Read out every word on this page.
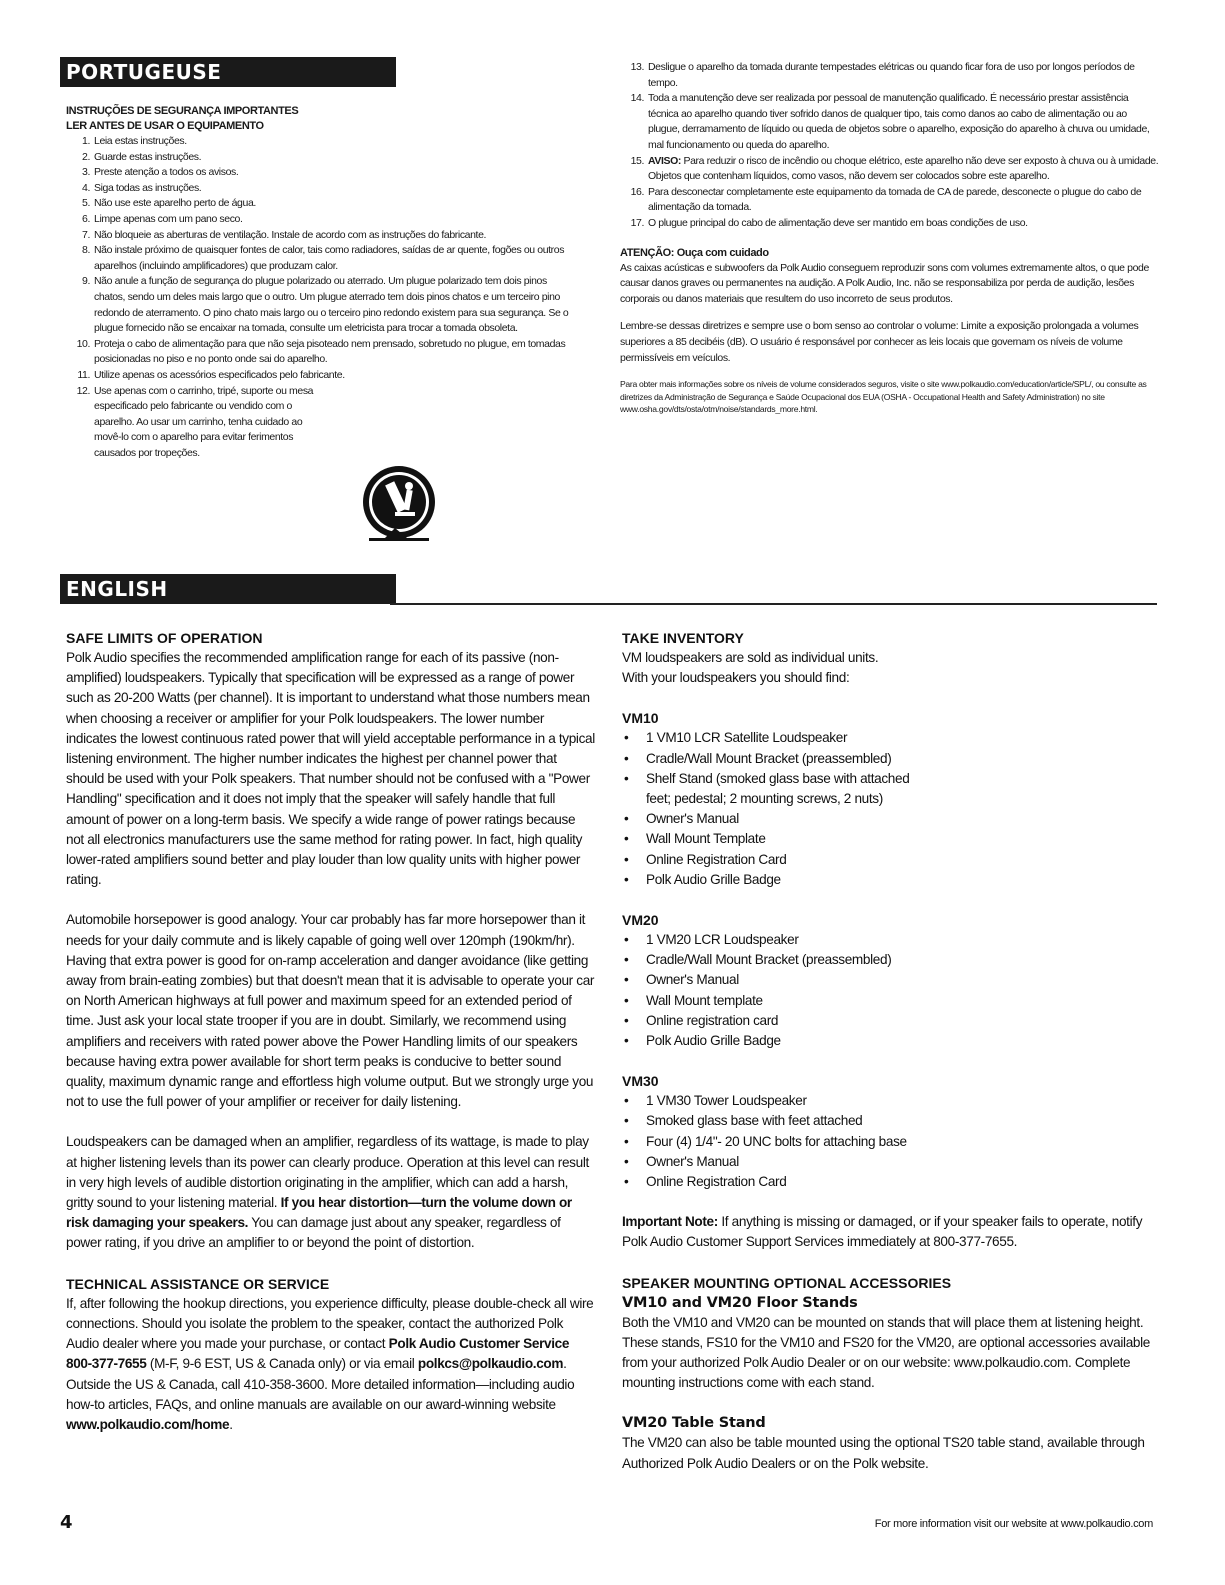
PORTUGEUSE
INSTRUÇÕES DE SEGURANÇA IMPORTANTES
LER ANTES DE USAR O EQUIPAMENTO
1. Leia estas instruções.
2. Guarde estas instruções.
3. Preste atenção a todos os avisos.
4. Siga todas as instruções.
5. Não use este aparelho perto de água.
6. Limpe apenas com um pano seco.
7. Não bloqueie as aberturas de ventilação. Instale de acordo com as instruções do fabricante.
8. Não instale próximo de quaisquer fontes de calor, tais como radiadores, saídas de ar quente, fogões ou outros aparelhos (incluindo amplificadores) que produzam calor.
9. Não anule a função de segurança do plugue polarizado ou aterrado. Um plugue polarizado tem dois pinos chatos, sendo um deles mais largo que o outro. Um plugue aterrado tem dois pinos chatos e um terceiro pino redondo de aterramento. O pino chato mais largo ou o terceiro pino redondo existem para sua segurança. Se o plugue fornecido não se encaixar na tomada, consulte um eletricista para trocar a tomada obsoleta.
10. Proteja o cabo de alimentação para que não seja pisoteado nem prensado, sobretudo no plugue, em tomadas posicionadas no piso e no ponto onde sai do aparelho.
11. Utilize apenas os acessórios especificados pelo fabricante.
12. Use apenas com o carrinho, tripé, suporte ou mesa especificado pelo fabricante ou vendido com o aparelho. Ao usar um carrinho, tenha cuidado ao movê-lo com o aparelho para evitar ferimentos causados por tropeções.
13. Desligue o aparelho da tomada durante tempestades elétricas ou quando ficar fora de uso por longos períodos de tempo.
14. Toda a manutenção deve ser realizada por pessoal de manutenção qualificado. É necessário prestar assistência técnica ao aparelho quando tiver sofrido danos de qualquer tipo, tais como danos ao cabo de alimentação ou ao plugue, derramamento de líquido ou queda de objetos sobre o aparelho, exposição do aparelho à chuva ou umidade, mal funcionamento ou queda do aparelho.
15. AVISO: Para reduzir o risco de incêndio ou choque elétrico, este aparelho não deve ser exposto à chuva ou à umidade. Objetos que contenham líquidos, como vasos, não devem ser colocados sobre este aparelho.
16. Para desconectar completamente este equipamento da tomada de CA de parede, desconecte o plugue do cabo de alimentação da tomada.
17. O plugue principal do cabo de alimentação deve ser mantido em boas condições de uso.
ATENÇÃO: Ouça com cuidado

As caixas acústicas e subwoofers da Polk Audio conseguem reproduzir sons com volumes extremamente altos, o que pode causar danos graves ou permanentes na audição. A Polk Audio, Inc. não se responsabiliza por perda de audição, lesões corporais ou danos materiais que resultem do uso incorreto de seus produtos.

Lembre-se dessas diretrizes e sempre use o bom senso ao controlar o volume: Limite a exposição prolongada a volumes superiores a 85 decibéis (dB). O usuário é responsável por conhecer as leis locais que governam os níveis de volume permissíveis em veículos.

Para obter mais informações sobre os níveis de volume considerados seguros, visite o site www.polkaudio.com/education/article/SPL/, ou consulte as diretrizes da Administração de Segurança e Saúde Ocupacional dos EUA (OSHA - Occupational Health and Safety Administration) no site www.osha.gov/dts/osta/otm/noise/standards_more.html.

ENGLISH
SAFE LIMITS OF OPERATION

Polk Audio specifies the recommended amplification range for each of its passive (non-amplified) loudspeakers. Typically that specification will be expressed as a range of power such as 20-200 Watts (per channel). It is important to understand what those numbers mean when choosing a receiver or amplifier for your Polk loudspeakers. The lower number indicates the lowest continuous rated power that will yield acceptable performance in a typical listening environment. The higher number indicates the highest per channel power that should be used with your Polk speakers. That number should not be confused with a "Power Handling" specification and it does not imply that the speaker will safely handle that full amount of power on a long-term basis. We specify a wide range of power ratings because not all electronics manufacturers use the same method for rating power. In fact, high quality lower-rated amplifiers sound better and play louder than low quality units with higher power rating.

Automobile horsepower is good analogy. Your car probably has far more horsepower than it needs for your daily commute and is likely capable of going well over 120mph (190km/hr). Having that extra power is good for on-ramp acceleration and danger avoidance (like getting away from brain-eating zombies) but that doesn't mean that it is advisable to operate your car on North American highways at full power and maximum speed for an extended period of time. Just ask your local state trooper if you are in doubt. Similarly, we recommend using amplifiers and receivers with rated power above the Power Handling limits of our speakers because having extra power available for short term peaks is conducive to better sound quality, maximum dynamic range and effortless high volume output. But we strongly urge you not to use the full power of your amplifier or receiver for daily listening.

Loudspeakers can be damaged when an amplifier, regardless of its wattage, is made to play at higher listening levels than its power can clearly produce. Operation at this level can result in very high levels of audible distortion originating in the amplifier, which can add a harsh, gritty sound to your listening material. If you hear distortion—turn the volume down or risk damaging your speakers. You can damage just about any speaker, regardless of power rating, if you drive an amplifier to or beyond the point of distortion.

TECHNICAL ASSISTANCE OR SERVICE

If, after following the hookup directions, you experience difficulty, please double-check all wire connections. Should you isolate the problem to the speaker, contact the authorized Polk Audio dealer where you made your purchase, or contact Polk Audio Customer Service 800-377-7655 (M-F, 9-6 EST, US & Canada only) or via email polkcs@polkaudio.com. Outside the US & Canada, call 410-358-3600. More detailed information—including audio how-to articles, FAQs, and online manuals are available on our award-winning website www.polkaudio.com/home.

TAKE INVENTORY

VM loudspeakers are sold as individual units.

With your loudspeakers you should find:

VM10
• 1 VM10 LCR Satellite Loudspeaker
• Cradle/Wall Mount Bracket (preassembled)
• Shelf Stand (smoked glass base with attached feet; pedestal; 2 mounting screws, 2 nuts)
• Owner's Manual
• Wall Mount Template
• Online Registration Card
• Polk Audio Grille Badge
VM20
• 1 VM20 LCR Loudspeaker
• Cradle/Wall Mount Bracket (preassembled)
• Owner's Manual
• Wall Mount template
• Online registration card
• Polk Audio Grille Badge
VM30
• 1 VM30 Tower Loudspeaker
• Smoked glass base with feet attached
• Four (4) 1/4"- 20 UNC bolts for attaching base
• Owner's Manual
• Online Registration Card

Important Note: If anything is missing or damaged, or if your speaker fails to operate, notify Polk Audio Customer Support Services immediately at 800-377-7655.

SPEAKER MOUNTING OPTIONAL ACCESSORIES
VM10 and VM20 Floor Stands

Both the VM10 and VM20 can be mounted on stands that will place them at listening height. These stands, FS10 for the VM10 and FS20 for the VM20, are optional accessories available from your authorized Polk Audio Dealer or on our website: www.polkaudio.com. Complete mounting instructions come with each stand.

VM20 Table Stand

The VM20 can also be table mounted using the optional TS20 table stand, available through Authorized Polk Audio Dealers or on the Polk website.

4	For more information visit our website at www.polkaudio.com
